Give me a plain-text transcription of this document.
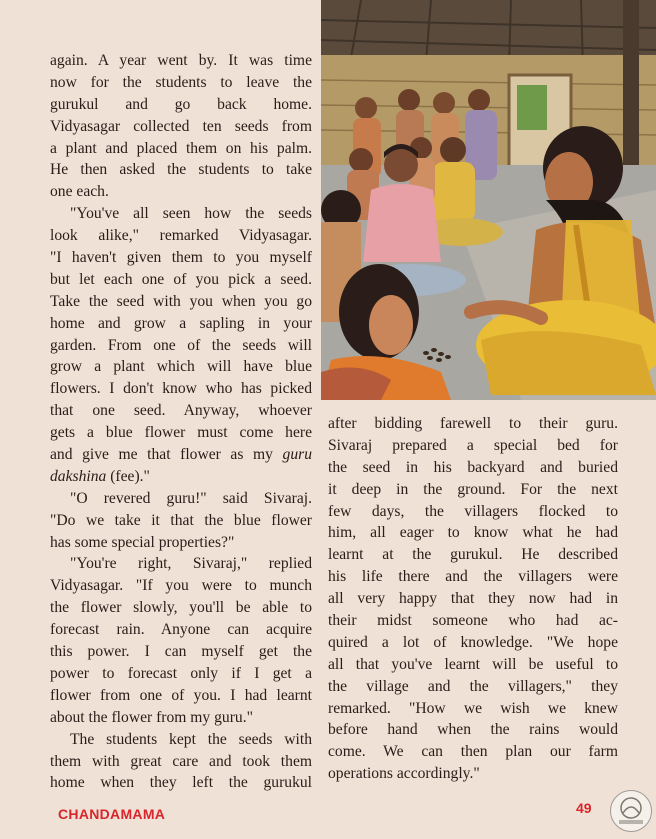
again. A year went by. It was time
now for the students to leave the
gurukul and go back home.
Vidyasagar collected ten seeds from
a plant and placed them on his palm.
He then asked the students to take
one each.
"You've all seen how the seeds
look alike," remarked Vidyasagar.
"I haven't given them to you myself
but let each one of you pick a seed.
Take the seed with you when you go
home and grow a sapling in your
garden. From one of the seeds will
grow a plant which will have blue
flowers. I don't know who has picked
that one seed. Anyway, whoever
gets a blue flower must come here
and give me that flower as my guru
dakshina (fee)."
"O revered guru!" said Sivaraj.
"Do we take it that the blue flower
has some special properties?"
"You're right, Sivaraj," replied
Vidyasagar. "If you were to munch
the flower slowly, you'll be able to
forecast rain. Anyone can acquire
this power. I can myself get the
power to forecast only if I get a
flower from one of you. I had learnt
about the flower from my guru."
The students kept the seeds with
them with great care and took them
home when they left the gurukul
after bidding farewell to their guru.
Sivaraj prepared a special bed for
the seed in his backyard and buried
it deep in the ground. For the next
few days, the villagers flocked to
him, all eager to know what he had
learnt at the gurukul. He described
his life there and the villagers were
all very happy that they now had in
their midst someone who had ac-
quired a lot of knowledge. "We hope
all that you've learnt will be useful to
the village and the villagers," they
remarked. "How we wish we knew
before hand when the rains would
come. We can then plan our farm
operations accordingly."
CHANDAMAMA	49
